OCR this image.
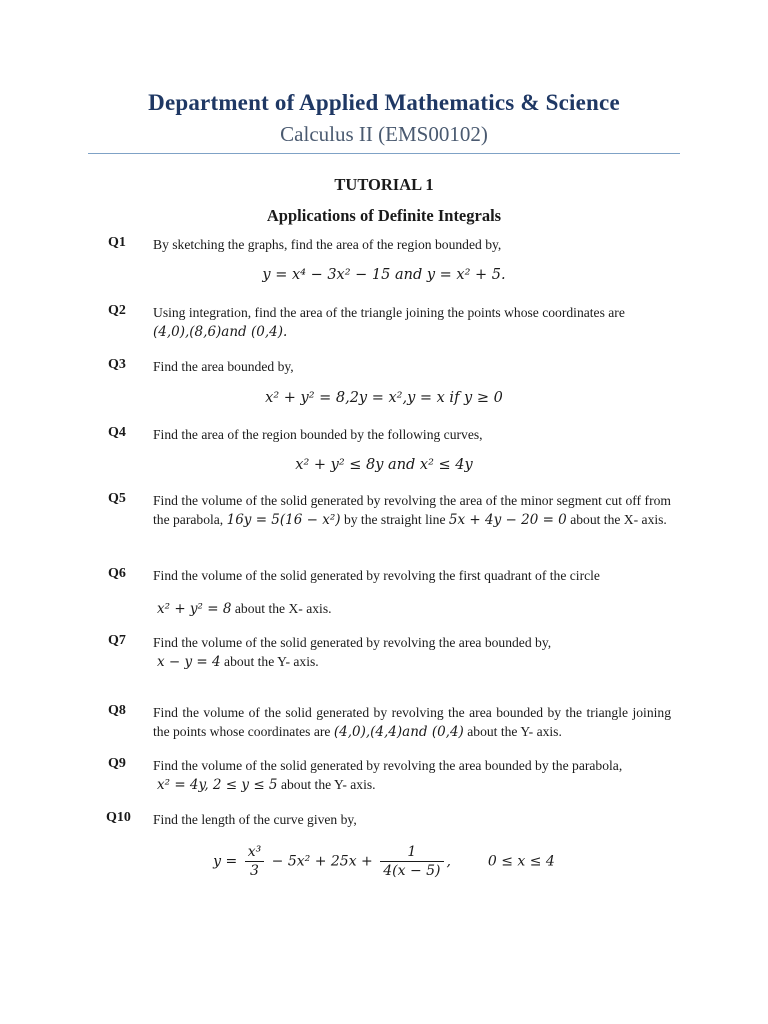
Department of Applied Mathematics & Science
Calculus II (EMS00102)
TUTORIAL 1
Applications of Definite Integrals
Q1	By sketching the graphs, find the area of the region bounded by,
y = x⁴ − 3x² − 15 and y = x² + 5.
Q2	Using integration, find the area of the triangle joining the points whose coordinates are
(4,0),(8,6)and (0,4).
Q3	Find the area bounded by,
x² + y² = 8,2y = x²,y = x if y ≥ 0
Q4	Find the area of the region bounded by the following curves,
x² + y² ≤ 8y and x² ≤ 4y
Q5	Find the volume of the solid generated by revolving the area of the minor segment cut off from the parabola, 16y = 5(16 − x²) by the straight line 5x + 4y − 20 = 0 about the X- axis.
Q6	Find the volume of the solid generated by revolving the first quadrant of the circle
x² + y² = 8 about the X- axis.
Q7	Find the volume of the solid generated by revolving the area bounded by,
x − y = 4 about the Y- axis.
Q8	Find the volume of the solid generated by revolving the area bounded by the triangle joining the points whose coordinates are (4,0),(4,4)and (0,4) about the Y- axis.
Q9	Find the volume of the solid generated by revolving the area bounded by the parabola,
x² = 4y, 2 ≤ y ≤ 5 about the Y- axis.
Q10	Find the length of the curve given by,
$y = \frac{\text{x³}}{3} - 5x^2 + 25x + \frac{1}{4(x - 5)}$ ,	0 ≤ x ≤ 4
